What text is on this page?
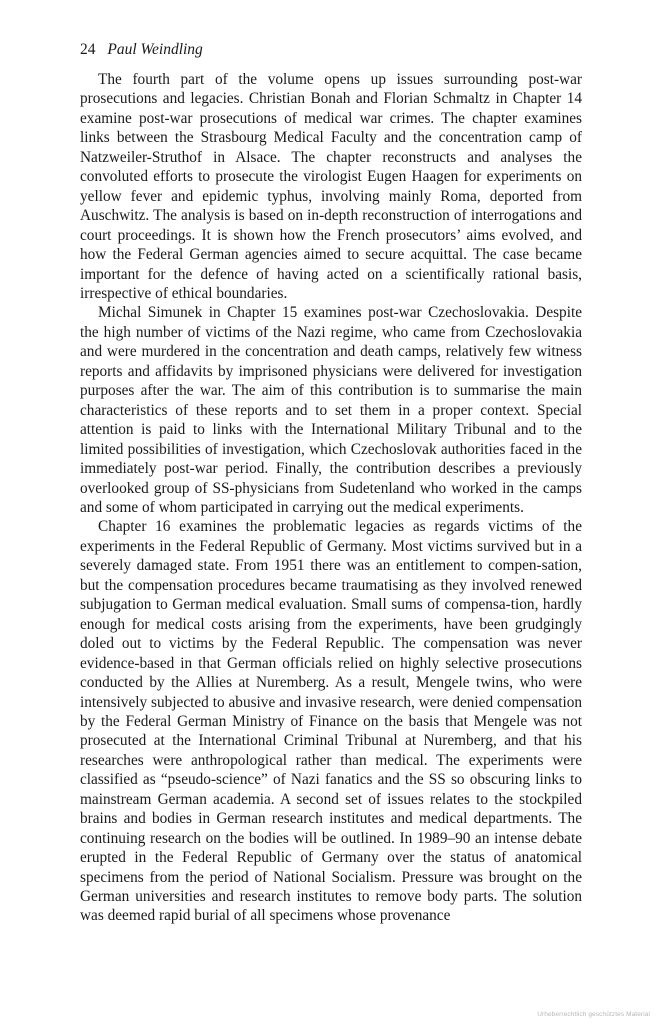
24 Paul Weindling

The fourth part of the volume opens up issues surrounding post-war prosecutions and legacies. Christian Bonah and Florian Schmaltz in Chapter 14 examine post-war prosecutions of medical war crimes. The chapter examines links between the Strasbourg Medical Faculty and the concentration camp of Natzweiler-Struthof in Alsace. The chapter reconstructs and analyses the convoluted efforts to prosecute the virologist Eugen Haagen for experiments on yellow fever and epidemic typhus, involving mainly Roma, deported from Auschwitz. The analysis is based on in-depth reconstruction of interrogations and court proceedings. It is shown how the French prosecutors’ aims evolved, and how the Federal German agencies aimed to secure acquittal. The case became important for the defence of having acted on a scientifically rational basis, irrespective of ethical boundaries.

Michal Simunek in Chapter 15 examines post-war Czechoslovakia. Despite the high number of victims of the Nazi regime, who came from Czechoslovakia and were murdered in the concentration and death camps, relatively few witness reports and affidavits by imprisoned physicians were delivered for investigation purposes after the war. The aim of this contribution is to summarise the main characteristics of these reports and to set them in a proper context. Special attention is paid to links with the International Military Tribunal and to the limited possibilities of investigation, which Czechoslovak authorities faced in the immediately post-war period. Finally, the contribution describes a previously overlooked group of SS-physicians from Sudetenland who worked in the camps and some of whom participated in carrying out the medical experiments.

Chapter 16 examines the problematic legacies as regards victims of the experiments in the Federal Republic of Germany. Most victims survived but in a severely damaged state. From 1951 there was an entitlement to compen-sation, but the compensation procedures became traumatising as they involved renewed subjugation to German medical evaluation. Small sums of compensa-tion, hardly enough for medical costs arising from the experiments, have been grudgingly doled out to victims by the Federal Republic. The compensation was never evidence-based in that German officials relied on highly selective prosecutions conducted by the Allies at Nuremberg. As a result, Mengele twins, who were intensively subjected to abusive and invasive research, were denied compensation by the Federal German Ministry of Finance on the basis that Mengele was not prosecuted at the International Criminal Tribunal at Nuremberg, and that his researches were anthropological rather than medical. The experiments were classified as “pseudo-science” of Nazi fanatics and the SS so obscuring links to mainstream German academia. A second set of issues relates to the stockpiled brains and bodies in German research institutes and medical departments. The continuing research on the bodies will be outlined. In 1989–90 an intense debate erupted in the Federal Republic of Germany over the status of anatomical specimens from the period of National Socialism. Pressure was brought on the German universities and research institutes to remove body parts. The solution was deemed rapid burial of all specimens whose provenance

Urheberrechtlich geschütztes Material
